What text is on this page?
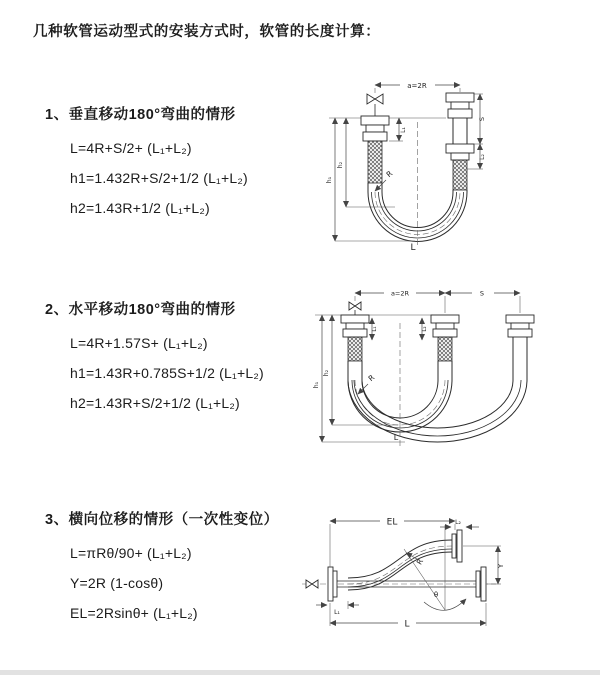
几种软管运动型式的安装方式时，软管的长度计算：

1、垂直移动180°弯曲的情形

L=4R+S/2+ (L₁+L₂)
h1=1.432R+S/2+1/2 (L₁+L₂)
h2=1.43R+1/2 (L₁+L₂)

2、水平移动180°弯曲的情形

L=4R+1.57S+ (L₁+L₂)
h1=1.43R+0.785S+1/2 (L₁+L₂)
h2=1.43R+S/2+1/2 (L₁+L₂)

3、横向位移的情形（一次性变位）

L=πRθ/90+ (L₁+L₂)
Y=2R (1-cosθ)
EL=2Rsinθ+ (L₁+L₂)
a=2R
L₁
h₁
h₂
S
L₂
R
L
a=2R	S
L₁	L₂
h₁
h₂	R
L
θ
EL	L₂
Y
L
L₁
R
